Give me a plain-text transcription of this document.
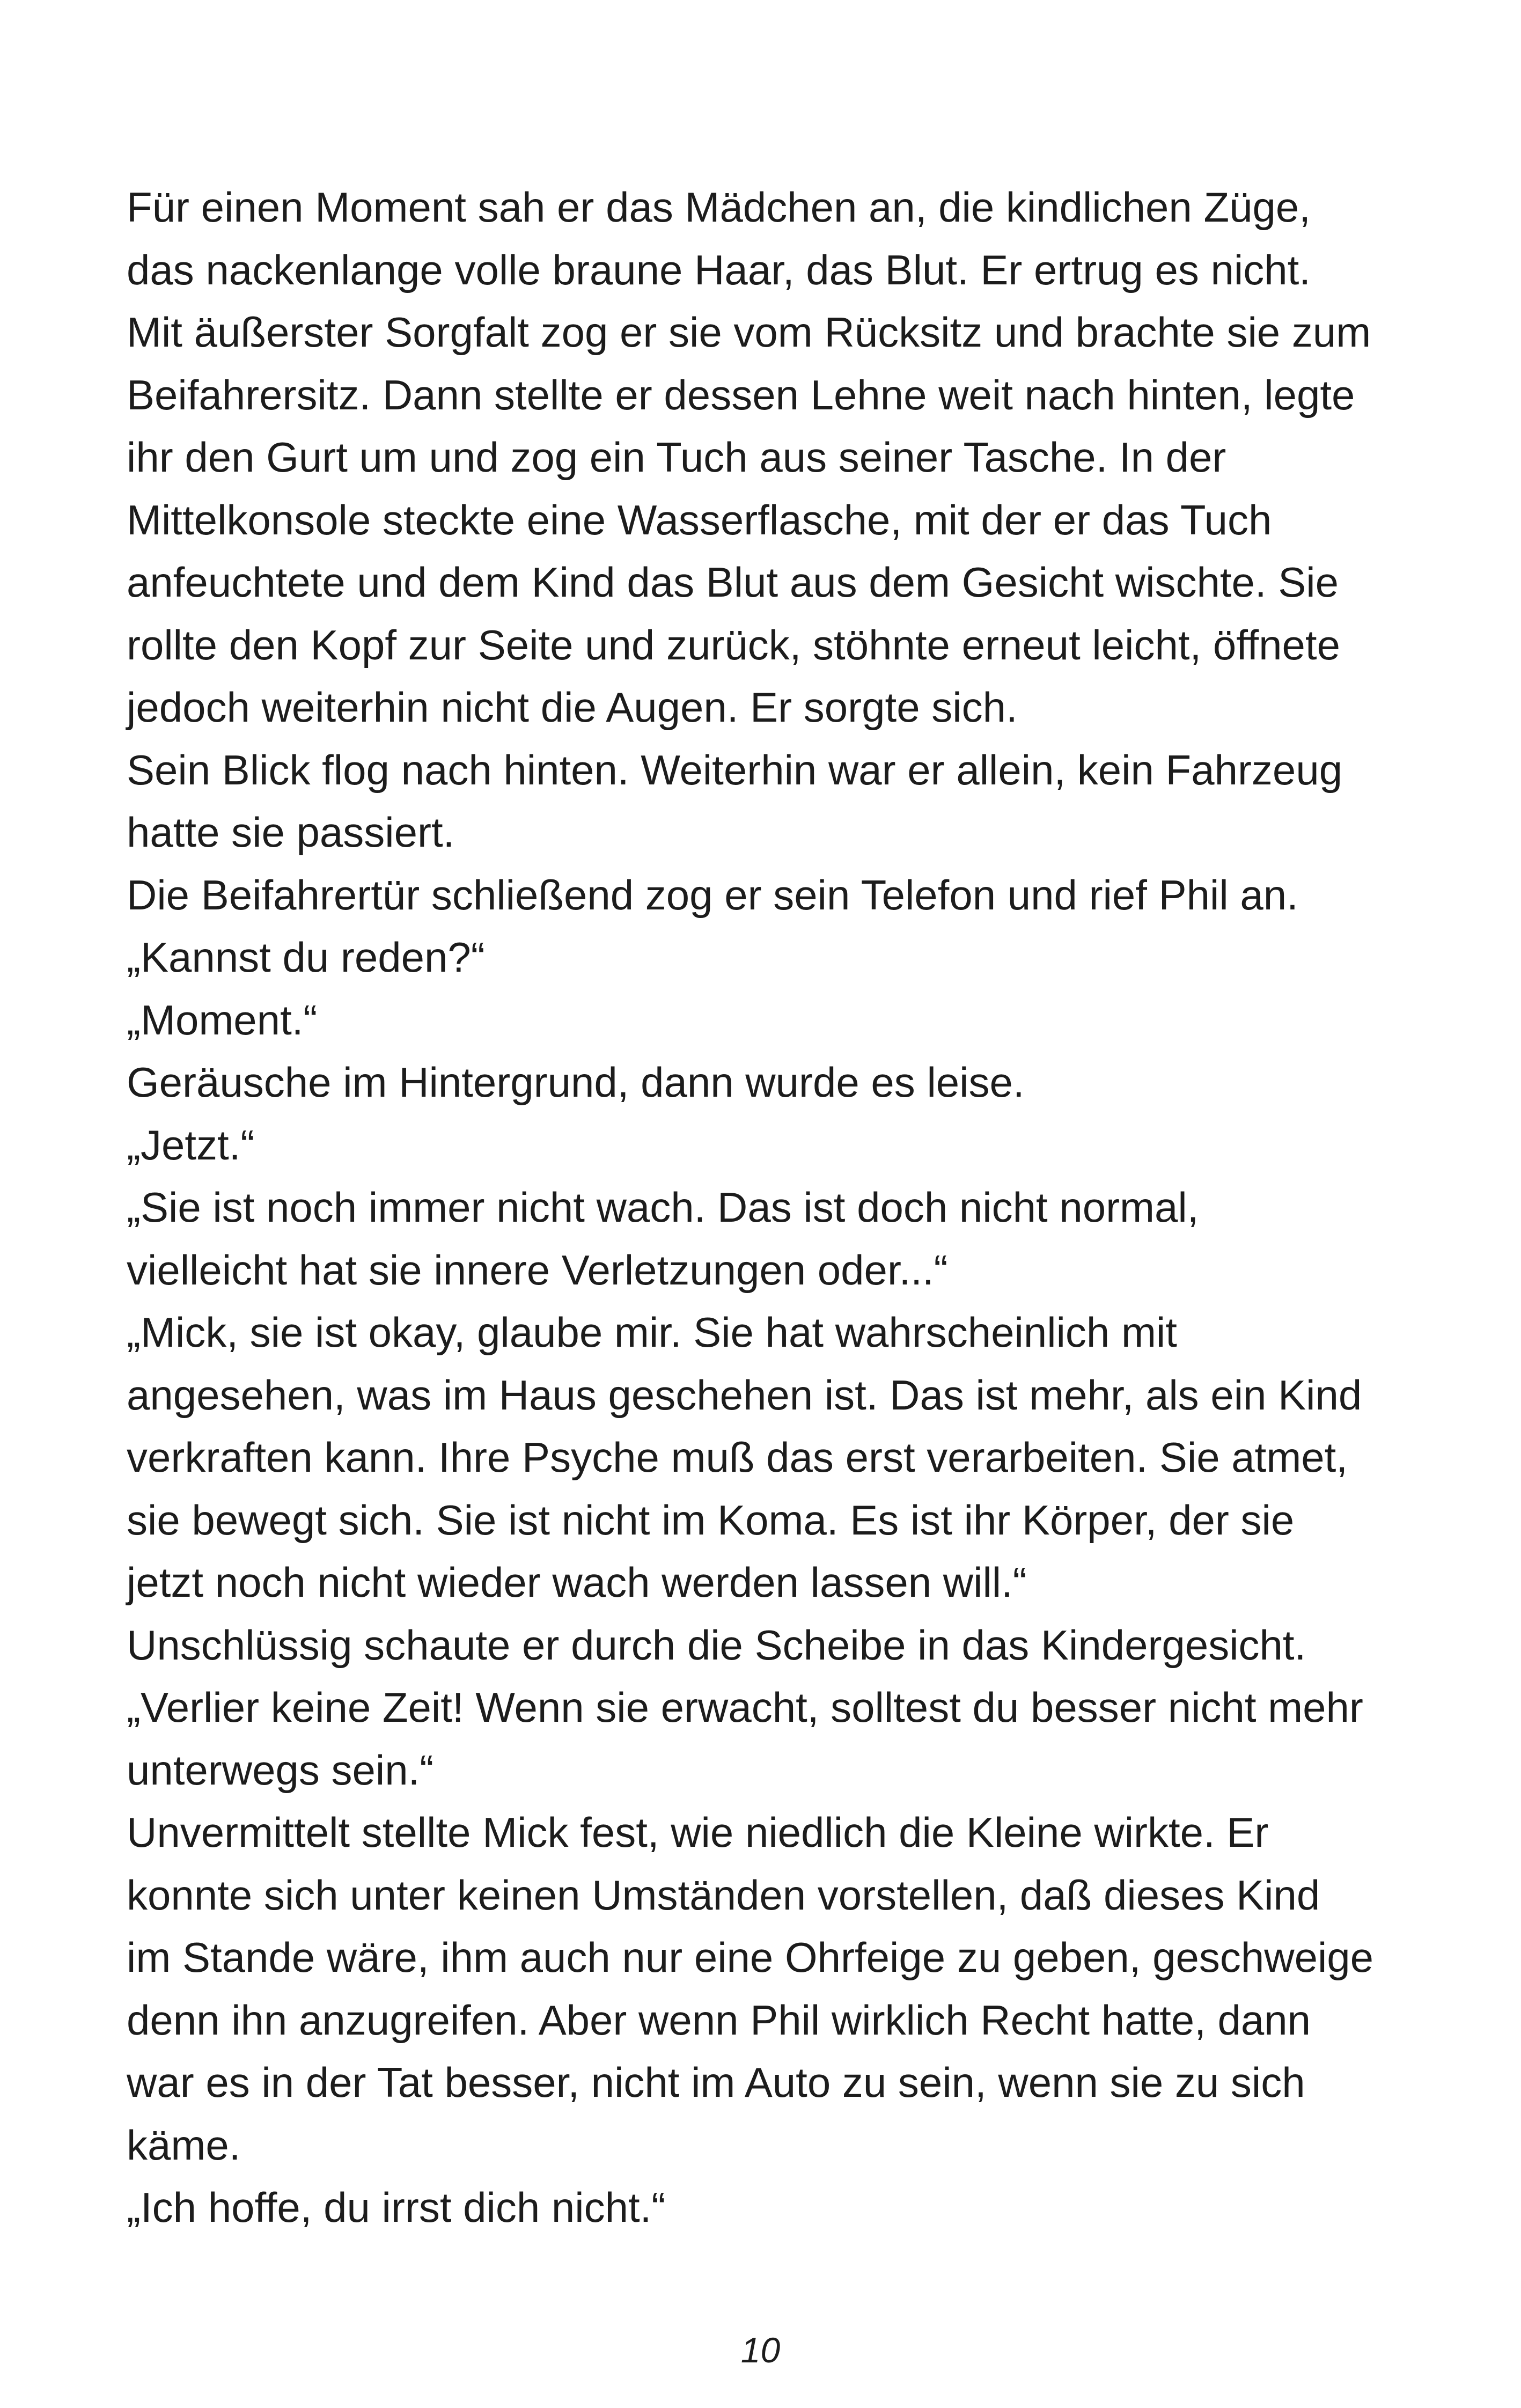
Für einen Moment sah er das Mädchen an, die kindlichen Züge,
das nackenlange volle braune Haar, das Blut. Er ertrug es nicht.
Mit äußerster Sorgfalt zog er sie vom Rücksitz und brachte sie zum
Beifahrersitz. Dann stellte er dessen Lehne weit nach hinten, legte
ihr den Gurt um und zog ein Tuch aus seiner Tasche. In der
Mittelkonsole steckte eine Wasserflasche, mit der er das Tuch
anfeuchtete und dem Kind das Blut aus dem Gesicht wischte. Sie
rollte den Kopf zur Seite und zurück, stöhnte erneut leicht, öffnete
jedoch weiterhin nicht die Augen. Er sorgte sich.
Sein Blick flog nach hinten. Weiterhin war er allein, kein Fahrzeug
hatte sie passiert.
Die Beifahrertür schließend zog er sein Telefon und rief Phil an.
„Kannst du reden?“
„Moment.“
Geräusche im Hintergrund, dann wurde es leise.
„Jetzt.“
„Sie ist noch immer nicht wach. Das ist doch nicht normal,
vielleicht hat sie innere Verletzungen oder...“
„Mick, sie ist okay, glaube mir. Sie hat wahrscheinlich mit
angesehen, was im Haus geschehen ist. Das ist mehr, als ein Kind
verkraften kann. Ihre Psyche muß das erst verarbeiten. Sie atmet,
sie bewegt sich. Sie ist nicht im Koma. Es ist ihr Körper, der sie
jetzt noch nicht wieder wach werden lassen will.“
Unschlüssig schaute er durch die Scheibe in das Kindergesicht.
„Verlier keine Zeit! Wenn sie erwacht, solltest du besser nicht mehr
unterwegs sein.“
Unvermittelt stellte Mick fest, wie niedlich die Kleine wirkte. Er
konnte sich unter keinen Umständen vorstellen, daß dieses Kind
im Stande wäre, ihm auch nur eine Ohrfeige zu geben, geschweige
denn ihn anzugreifen. Aber wenn Phil wirklich Recht hatte, dann
war es in der Tat besser, nicht im Auto zu sein, wenn sie zu sich
käme.
„Ich hoffe, du irrst dich nicht.“
10
